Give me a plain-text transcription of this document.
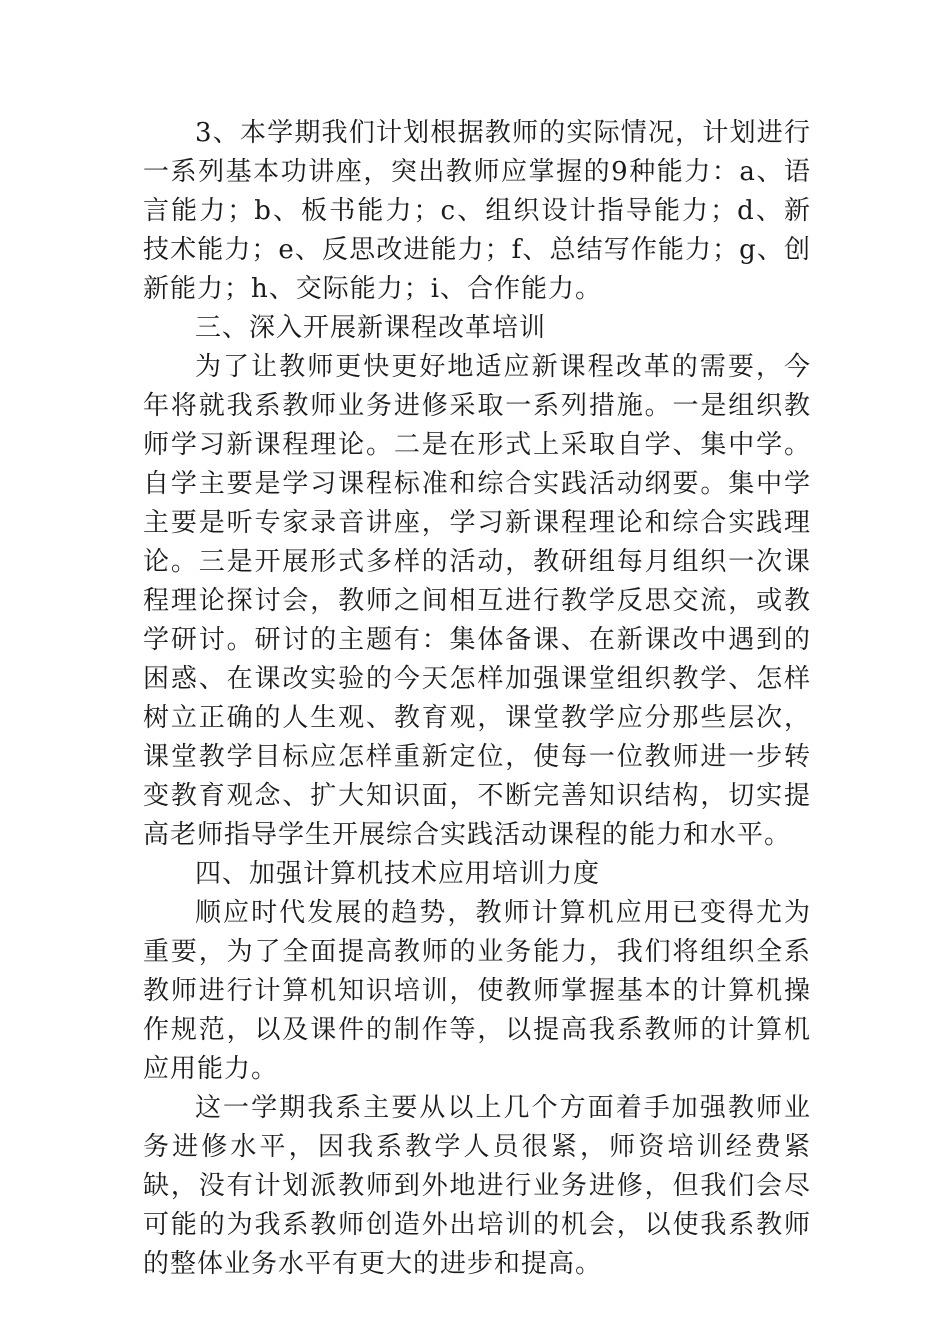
3、本学期我们计划根据教师的实际情况，计划进行一系列基本功讲座，突出教师应掌握的9种能力：a、语言能力；b、板书能力；c、组织设计指导能力；d、新技术能力；e、反思改进能力；f、总结写作能力；g、创新能力；h、交际能力；i、合作能力。

三、深入开展新课程改革培训

为了让教师更快更好地适应新课程改革的需要，今年将就我系教师业务进修采取一系列措施。一是组织教师学习新课程理论。二是在形式上采取自学、集中学。自学主要是学习课程标准和综合实践活动纲要。集中学主要是听专家录音讲座，学习新课程理论和综合实践理论。三是开展形式多样的活动，教研组每月组织一次课程理论探讨会，教师之间相互进行教学反思交流，或教学研讨。研讨的主题有：集体备课、在新课改中遇到的困惑、在课改实验的今天怎样加强课堂组织教学、怎样树立正确的人生观、教育观，课堂教学应分那些层次，课堂教学目标应怎样重新定位，使每一位教师进一步转变教育观念、扩大知识面，不断完善知识结构，切实提高老师指导学生开展综合实践活动课程的能力和水平。

四、加强计算机技术应用培训力度

顺应时代发展的趋势，教师计算机应用已变得尤为重要，为了全面提高教师的业务能力，我们将组织全系教师进行计算机知识培训，使教师掌握基本的计算机操作规范，以及课件的制作等，以提高我系教师的计算机应用能力。

这一学期我系主要从以上几个方面着手加强教师业务进修水平，因我系教学人员很紧，师资培训经费紧缺，没有计划派教师到外地进行业务进修，但我们会尽可能的为我系教师创造外出培训的机会，以使我系教师的整体业务水平有更大的进步和提高。
